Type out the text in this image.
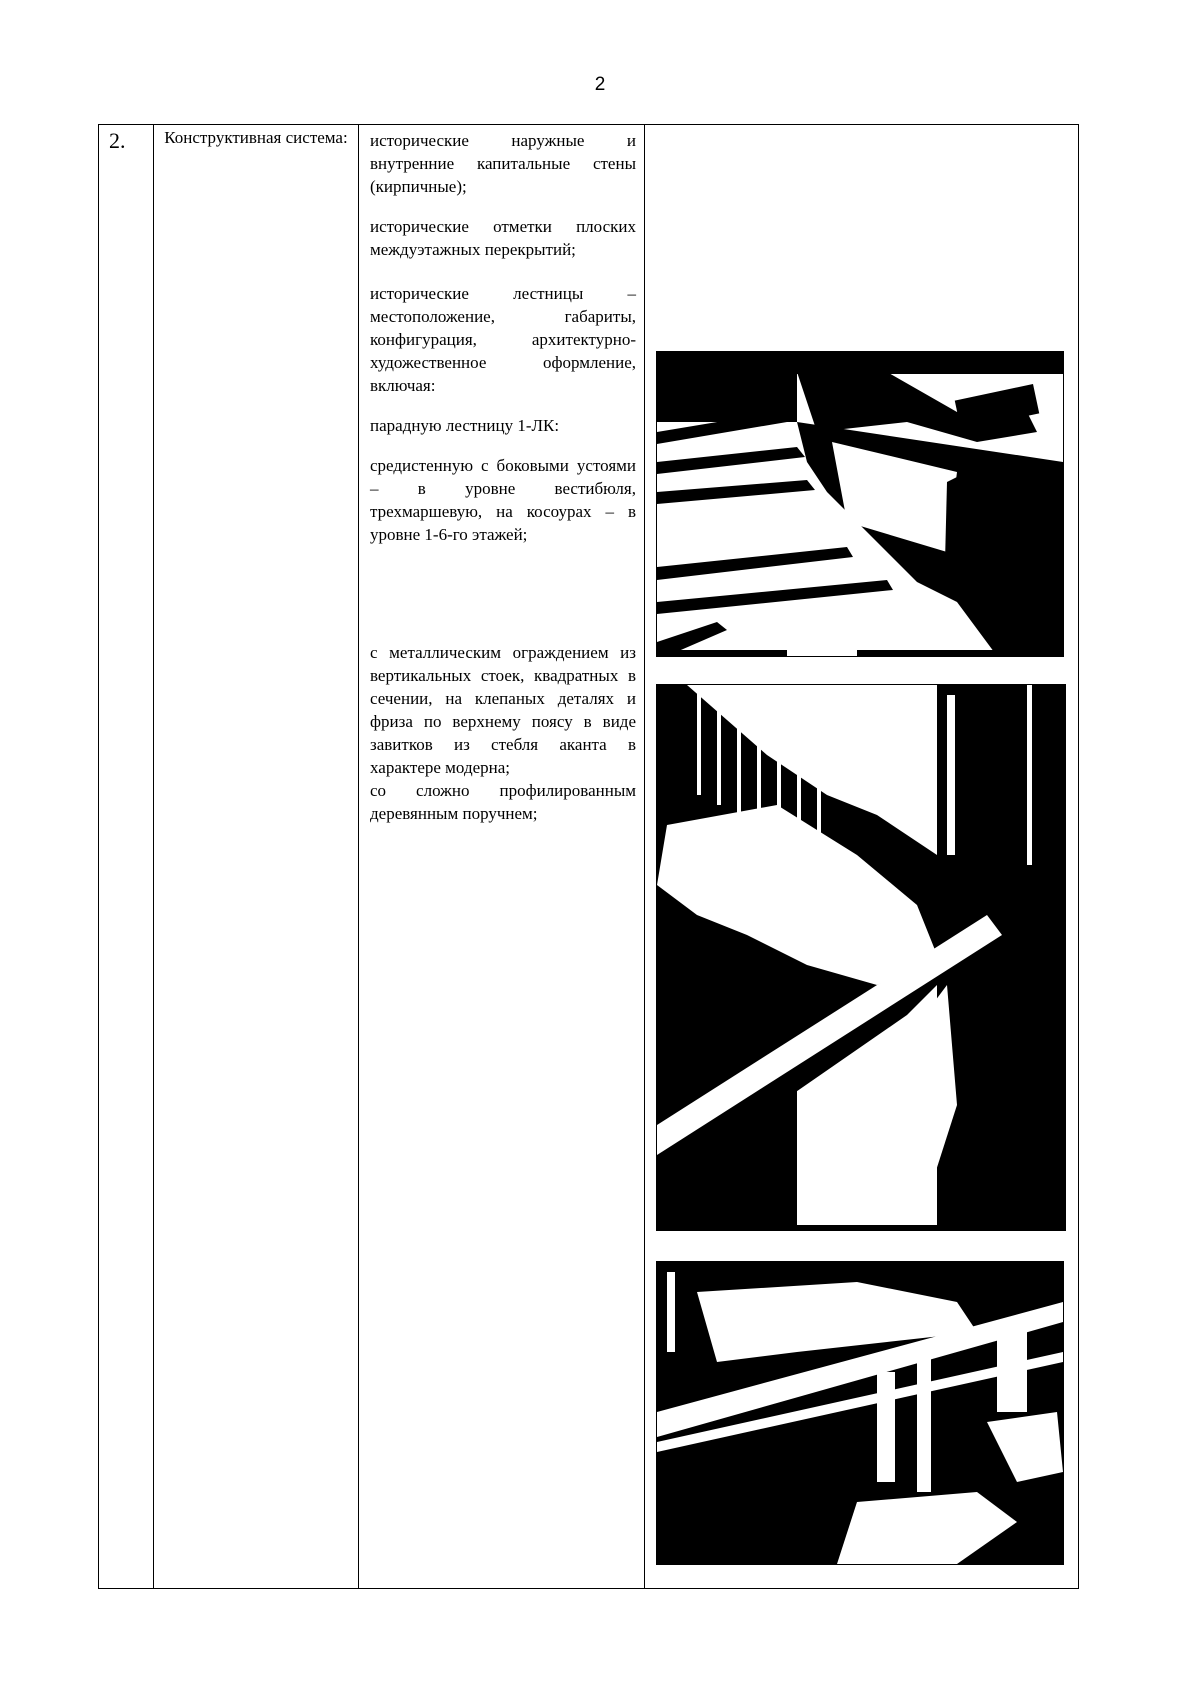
2
2.	Конструктивная система:	исторические наружные и внутренние капитальные стены (кирпичные);

исторические отметки плоских междуэтажных перекрытий;

исторические лестницы – местоположение, габариты, конфигурация, архитектурно-художественное оформление, включая:

парадную лестницу 1-ЛК:

средистенную с боковыми устоями – в уровне вестибюля, трехмаршевую, на косоурах – в уровне 1-6-го этажей;

с металлическим ограждением из вертикальных стоек, квадратных в сечении, на клепаных деталях и фриза по верхнему поясу в виде завитков из стебля аканта в характере модерна;

со сложно профилированным деревянным поручнем;
